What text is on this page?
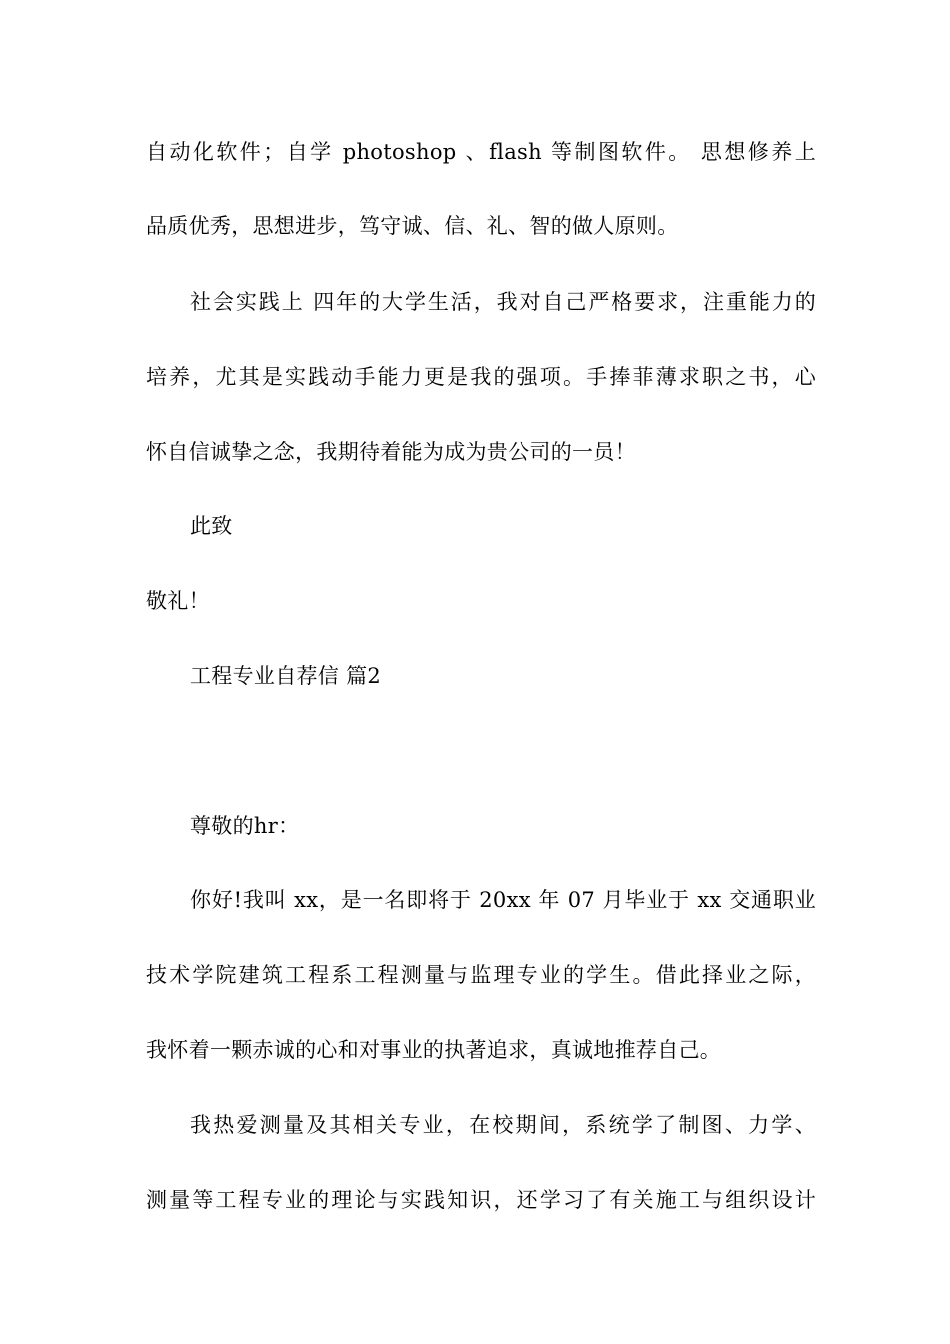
自动化软件；自学 photoshop 、flash 等制图软件。 思想修养上
品质优秀，思想进步，笃守诚、信、礼、智的做人原则。
社会实践上 四年的大学生活，我对自己严格要求，注重能力的
培养，尤其是实践动手能力更是我的强项。手捧菲薄求职之书，心
怀自信诚挚之念，我期待着能为成为贵公司的一员！
此致
敬礼！
工程专业自荐信 篇2
尊敬的hr：
你好!我叫 xx，是一名即将于 20xx 年 07 月毕业于 xx 交通职业
技术学院建筑工程系工程测量与监理专业的学生。借此择业之际，
我怀着一颗赤诚的心和对事业的执著追求，真诚地推荐自己。
我热爱测量及其相关专业，在校期间，系统学了制图、力学、
测量等工程专业的理论与实践知识，还学习了有关施工与组织设计
